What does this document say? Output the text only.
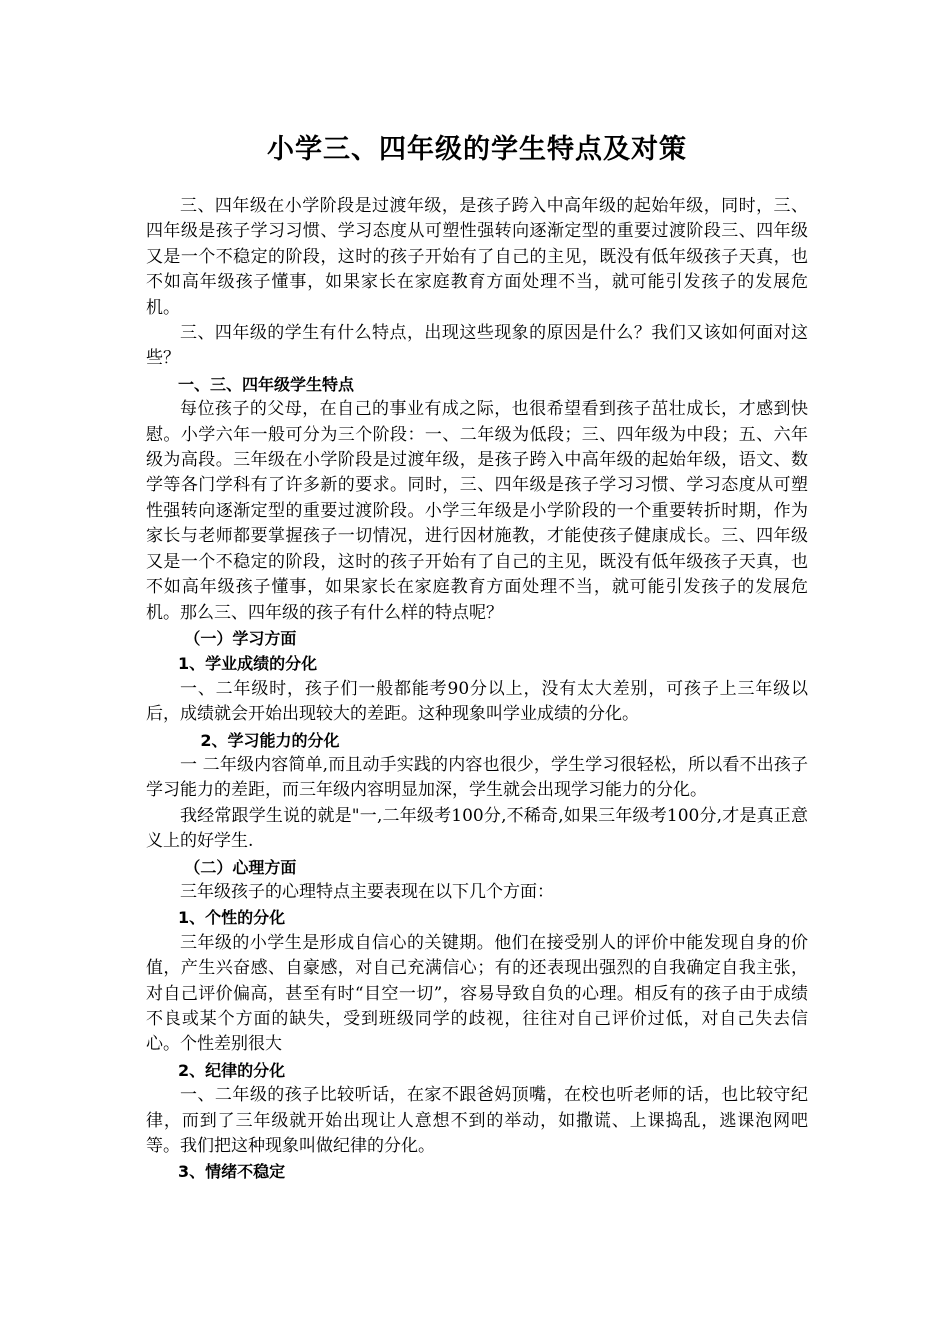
小学三、四年级的学生特点及对策

三、四年级在小学阶段是过渡年级，是孩子跨入中高年级的起始年级，同时，三、四年级是孩子学习习惯、学习态度从可塑性强转向逐渐定型的重要过渡阶段三、四年级又是一个不稳定的阶段，这时的孩子开始有了自己的主见，既没有低年级孩子天真，也不如高年级孩子懂事，如果家长在家庭教育方面处理不当，就可能引发孩子的发展危机。

三、四年级的学生有什么特点，出现这些现象的原因是什么？我们又该如何面对这些？

一、三、四年级学生特点

每位孩子的父母，在自己的事业有成之际，也很希望看到孩子茁壮成长，才感到快慰。小学六年一般可分为三个阶段：一、二年级为低段；三、四年级为中段；五、六年级为高段。三年级在小学阶段是过渡年级，是孩子跨入中高年级的起始年级，语文、数学等各门学科有了许多新的要求。同时，三、四年级是孩子学习习惯、学习态度从可塑性强转向逐渐定型的重要过渡阶段。小学三年级是小学阶段的一个重要转折时期，作为家长与老师都要掌握孩子一切情况，进行因材施教，才能使孩子健康成长。三、四年级又是一个不稳定的阶段，这时的孩子开始有了自己的主见，既没有低年级孩子天真，也不如高年级孩子懂事，如果家长在家庭教育方面处理不当，就可能引发孩子的发展危机。那么三、四年级的孩子有什么样的特点呢？

（一）学习方面

1、学业成绩的分化

一、二年级时，孩子们一般都能考90分以上，没有太大差别，可孩子上三年级以后，成绩就会开始出现较大的差距。这种现象叫学业成绩的分化。

2、学习能力的分化

一 二年级内容简单,而且动手实践的内容也很少，学生学习很轻松，所以看不出孩子学习能力的差距，而三年级内容明显加深，学生就会出现学习能力的分化。

我经常跟学生说的就是"一,二年级考100分,不稀奇,如果三年级考100分,才是真正意义上的好学生.

（二）心理方面

三年级孩子的心理特点主要表现在以下几个方面：

1、个性的分化

三年级的小学生是形成自信心的关键期。他们在接受别人的评价中能发现自身的价值，产生兴奋感、自豪感，对自己充满信心；有的还表现出强烈的自我确定自我主张，对自己评价偏高，甚至有时“目空一切”，容易导致自负的心理。相反有的孩子由于成绩不良或某个方面的缺失，受到班级同学的歧视，往往对自己评价过低，对自己失去信心。个性差别很大

2、纪律的分化

一、二年级的孩子比较听话，在家不跟爸妈顶嘴，在校也听老师的话，也比较守纪律，而到了三年级就开始出现让人意想不到的举动，如撒谎、上课捣乱，逃课泡网吧等。我们把这种现象叫做纪律的分化。

3、情绪不稳定
